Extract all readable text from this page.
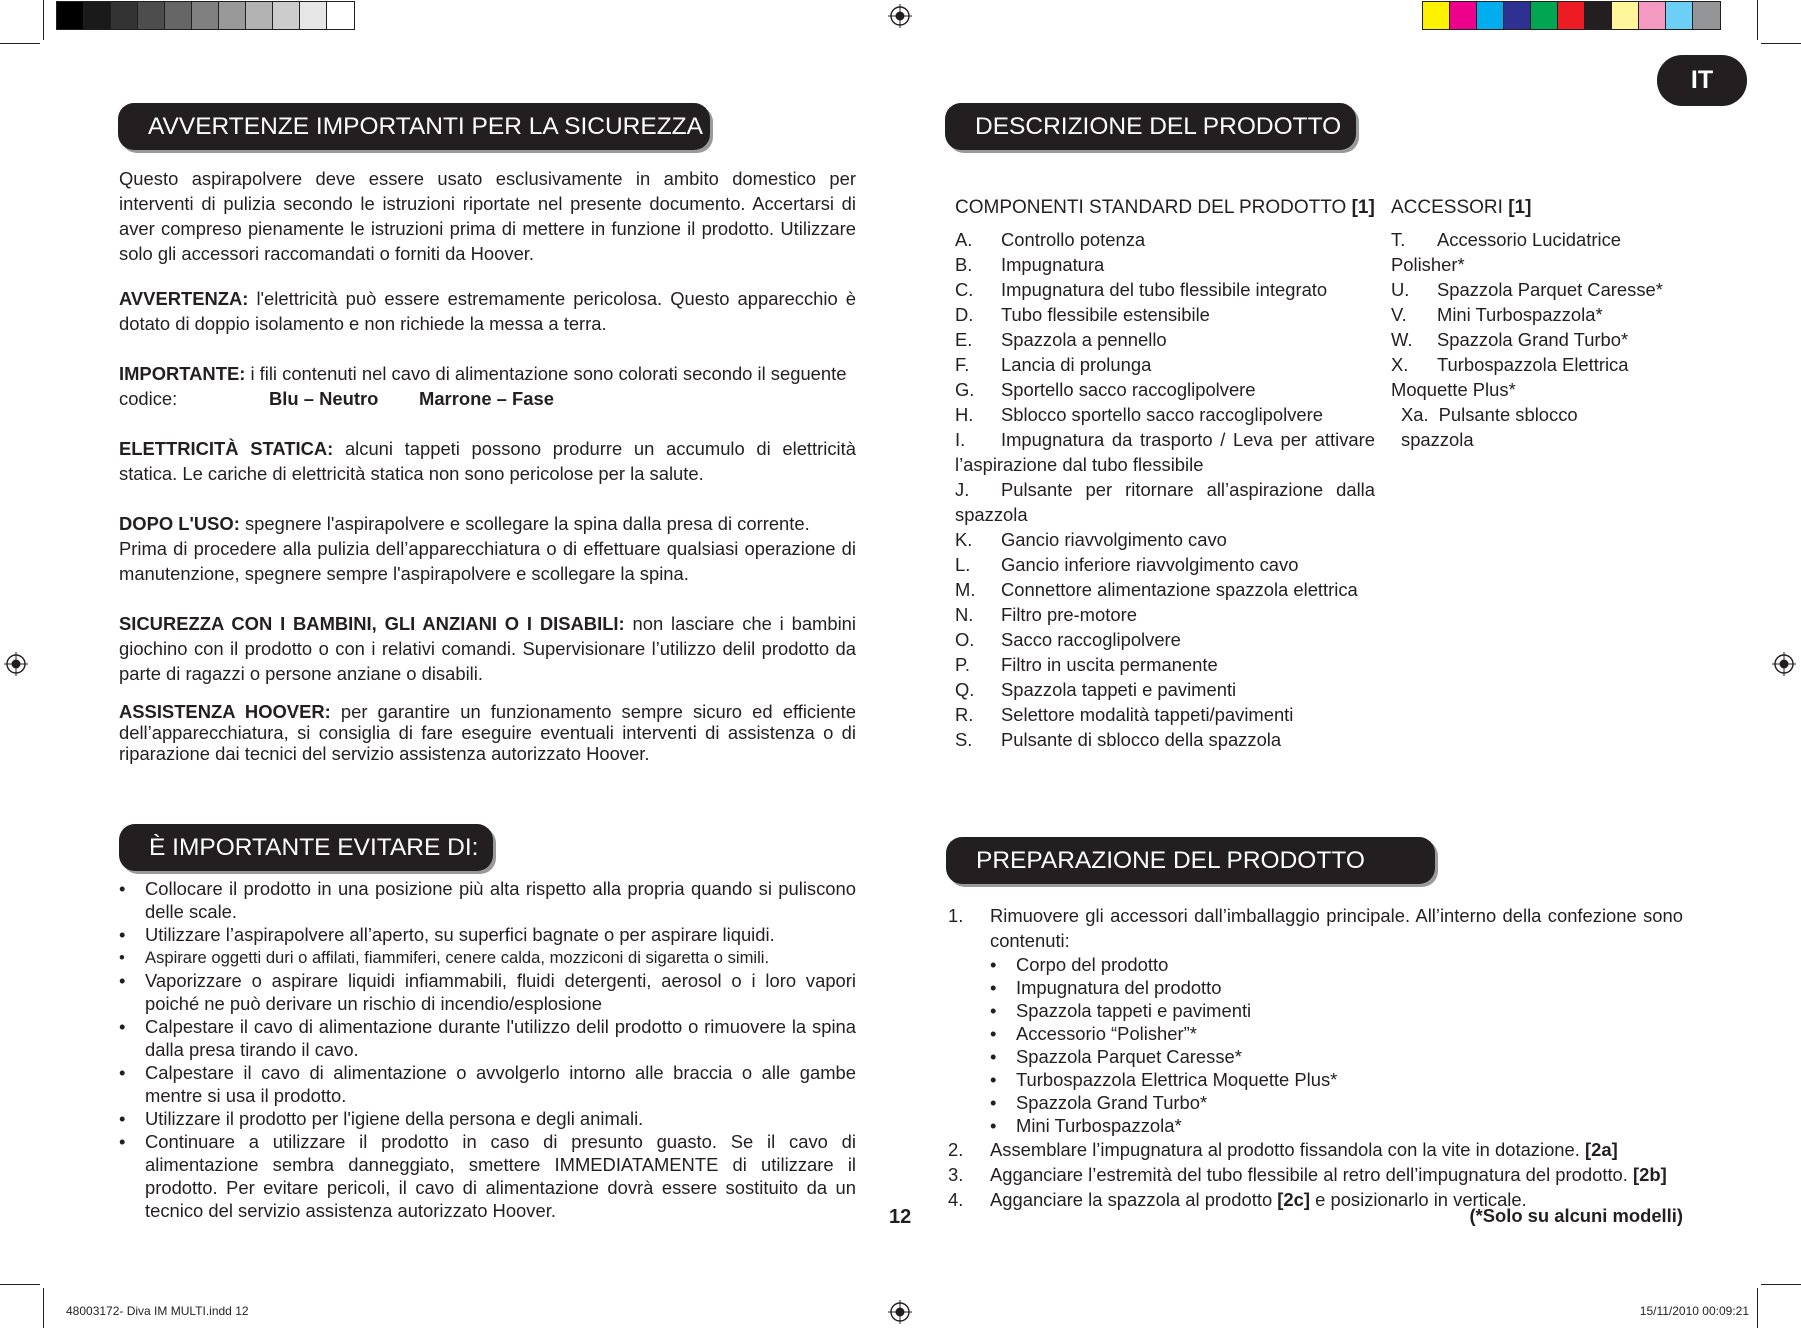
IT
AVVERTENZE IMPORTANTI PER LA SICUREZZA

Questo aspirapolvere deve essere usato esclusivamente in ambito domestico per interventi di pulizia secondo le istruzioni riportate nel presente documento. Accertarsi di aver compreso pienamente le istruzioni prima di mettere in funzione il prodotto. Utilizzare solo gli accessori raccomandati o forniti da Hoover.

AVVERTENZA: l'elettricità può essere estremamente pericolosa. Questo apparecchio è dotato di doppio isolamento e non richiede la messa a terra.

IMPORTANTE: i fili contenuti nel cavo di alimentazione sono colorati secondo il seguente
codice:	Blu – Neutro Marrone – Fase

ELETTRICITÀ STATICA: alcuni tappeti possono produrre un accumulo di elettricità statica. Le cariche di elettricità statica non sono pericolose per la salute.

DOPO L'USO: spegnere l'aspirapolvere e scollegare la spina dalla presa di corrente.
Prima di procedere alla pulizia dell’apparecchiatura o di effettuare qualsiasi operazione di manutenzione, spegnere sempre l'aspirapolvere e scollegare la spina.

SICUREZZA CON I BAMBINI, GLI ANZIANI O I DISABILI: non lasciare che i bambini giochino con il prodotto o con i relativi comandi. Supervisionare l’utilizzo delil prodotto da parte di ragazzi o persone anziane o disabili.

ASSISTENZA HOOVER: per garantire un funzionamento sempre sicuro ed efficiente dell’apparecchiatura, si consiglia di fare eseguire eventuali interventi di assistenza o di riparazione dai tecnici del servizio assistenza autorizzato Hoover.

È IMPORTANTE EVITARE DI:
• Collocare il prodotto in una posizione più alta rispetto alla propria quando si puliscono delle scale.
• Utilizzare l’aspirapolvere all’aperto, su superfici bagnate o per aspirare liquidi.
• Aspirare oggetti duri o affilati, fiammiferi, cenere calda, mozziconi di sigaretta o simili.
• Vaporizzare o aspirare liquidi infiammabili, fluidi detergenti, aerosol o i loro vapori poiché ne può derivare un rischio di incendio/esplosione
• Calpestare il cavo di alimentazione durante l'utilizzo delil prodotto o rimuovere la spina dalla presa tirando il cavo.
• Calpestare il cavo di alimentazione o avvolgerlo intorno alle braccia o alle gambe mentre si usa il prodotto.
• Utilizzare il prodotto per l'igiene della persona e degli animali.
• Continuare a utilizzare il prodotto in caso di presunto guasto. Se il cavo di alimentazione sembra danneggiato, smettere IMMEDIATAMENTE di utilizzare il prodotto. Per evitare pericoli, il cavo di alimentazione dovrà essere sostituito da un tecnico del servizio assistenza autorizzato Hoover.
DESCRIZIONE DEL PRODOTTO
COMPONENTI STANDARD DEL PRODOTTO [1]
A.	Controllo potenza
B.	Impugnatura
C.	Impugnatura del tubo flessibile integrato
D.	Tubo flessibile estensibile
E.	Spazzola a pennello
F.	Lancia di prolunga
G.	Sportello sacco raccoglipolvere
H.	Sblocco sportello sacco raccoglipolvere
I. Impugnatura da trasporto / Leva per attivare l’aspirazione dal tubo flessibile
J. Pulsante per ritornare all’aspirazione dalla spazzola
K.	Gancio riavvolgimento cavo
L.	Gancio inferiore riavvolgimento cavo
M.	Connettore alimentazione spazzola elettrica
N.	Filtro pre-motore
O.	Sacco raccoglipolvere
P.	Filtro in uscita permanente
Q.	Spazzola tappeti e pavimenti
R.	Selettore modalità tappeti/pavimenti
S.	Pulsante di sblocco della spazzola
ACCESSORI [1]
T. Accessorio Lucidatrice Polisher*
U. Spazzola Parquet Caresse*
V. Mini Turbospazzola*
W. Spazzola Grand Turbo*
X. Turbospazzola Elettrica Moquette Plus*
Xa. Pulsante sblocco spazzola
PREPARAZIONE DEL PRODOTTO
1.	Rimuovere gli accessori dall’imballaggio principale. All’interno della confezione sono contenuti:
• Corpo del prodotto
• Impugnatura del prodotto
• Spazzola tappeti e pavimenti
• Accessorio “Polisher”*
• Spazzola Parquet Caresse*
• Turbospazzola Elettrica Moquette Plus*
• Spazzola Grand Turbo*
• Mini Turbospazzola*
2.	Assemblare l’impugnatura al prodotto fissandola con la vite in dotazione. [2a]
3.	Agganciare l’estremità del tubo flessibile al retro dell’impugnatura del prodotto. [2b]
4.	Agganciare la spazzola al prodotto [2c] e posizionarlo in verticale.
(*Solo su alcuni modelli)
12
48003172- Diva IM MULTI.indd 12	15/11/2010 00:09:21
